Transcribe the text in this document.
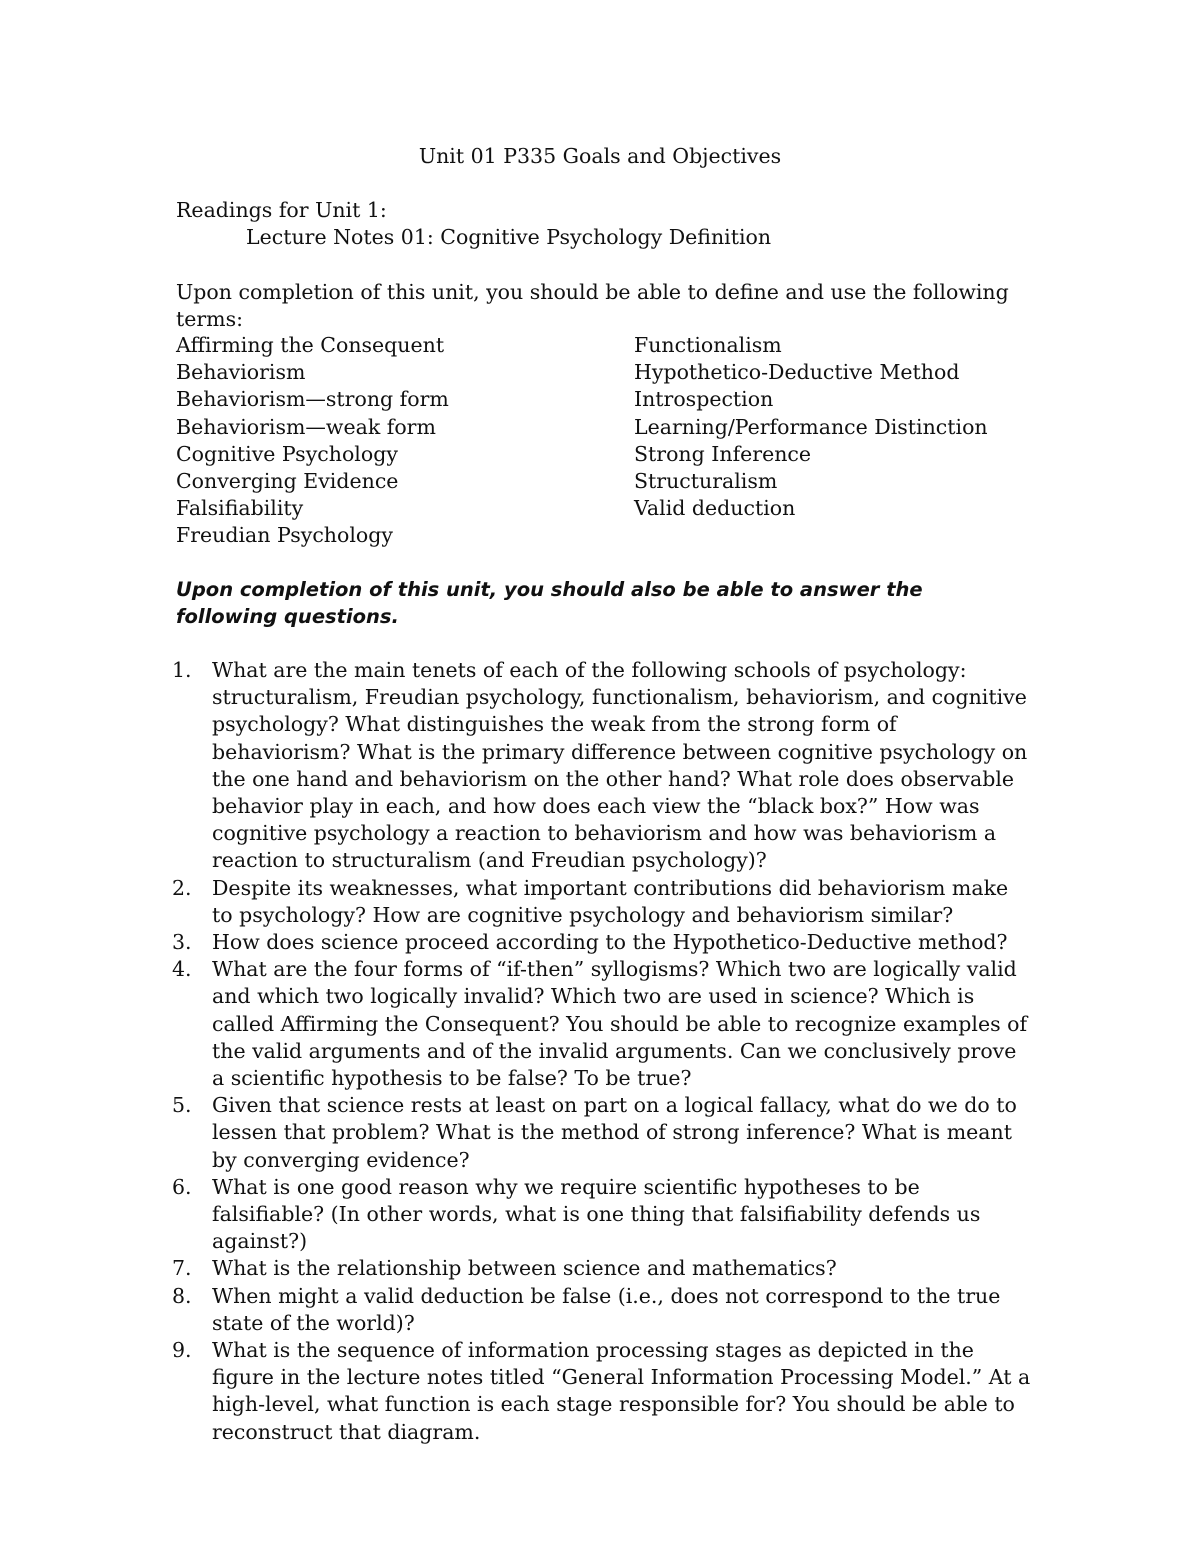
Unit 01 P335 Goals and Objectives
Readings for Unit 1:
Lecture Notes 01: Cognitive Psychology Definition
Upon completion of this unit, you should be able to define and use the following terms:
Affirming the Consequent
Behaviorism
Behaviorism—strong form
Behaviorism—weak form
Cognitive Psychology
Converging Evidence
Falsifiability
Freudian Psychology
Functionalism
Hypothetico-Deductive Method
Introspection
Learning/Performance Distinction
Strong Inference
Structuralism
Valid deduction
Upon completion of this unit, you should also be able to answer the following questions.
1. What are the main tenets of each of the following schools of psychology: structuralism, Freudian psychology, functionalism, behaviorism, and cognitive psychology? What distinguishes the weak from the strong form of behaviorism? What is the primary difference between cognitive psychology on the one hand and behaviorism on the other hand? What role does observable behavior play in each, and how does each view the “black box?” How was cognitive psychology a reaction to behaviorism and how was behaviorism a reaction to structuralism (and Freudian psychology)?
2. Despite its weaknesses, what important contributions did behaviorism make to psychology? How are cognitive psychology and behaviorism similar?
3. How does science proceed according to the Hypothetico-Deductive method?
4. What are the four forms of “if-then” syllogisms? Which two are logically valid and which two logically invalid? Which two are used in science? Which is called Affirming the Consequent? You should be able to recognize examples of the valid arguments and of the invalid arguments. Can we conclusively prove a scientific hypothesis to be false? To be true?
5. Given that science rests at least on part on a logical fallacy, what do we do to lessen that problem? What is the method of strong inference? What is meant by converging evidence?
6. What is one good reason why we require scientific hypotheses to be falsifiable? (In other words, what is one thing that falsifiability defends us against?)
7. What is the relationship between science and mathematics?
8. When might a valid deduction be false (i.e., does not correspond to the true state of the world)?
9. What is the sequence of information processing stages as depicted in the figure in the lecture notes titled “General Information Processing Model.” At a high-level, what function is each stage responsible for? You should be able to reconstruct that diagram.
